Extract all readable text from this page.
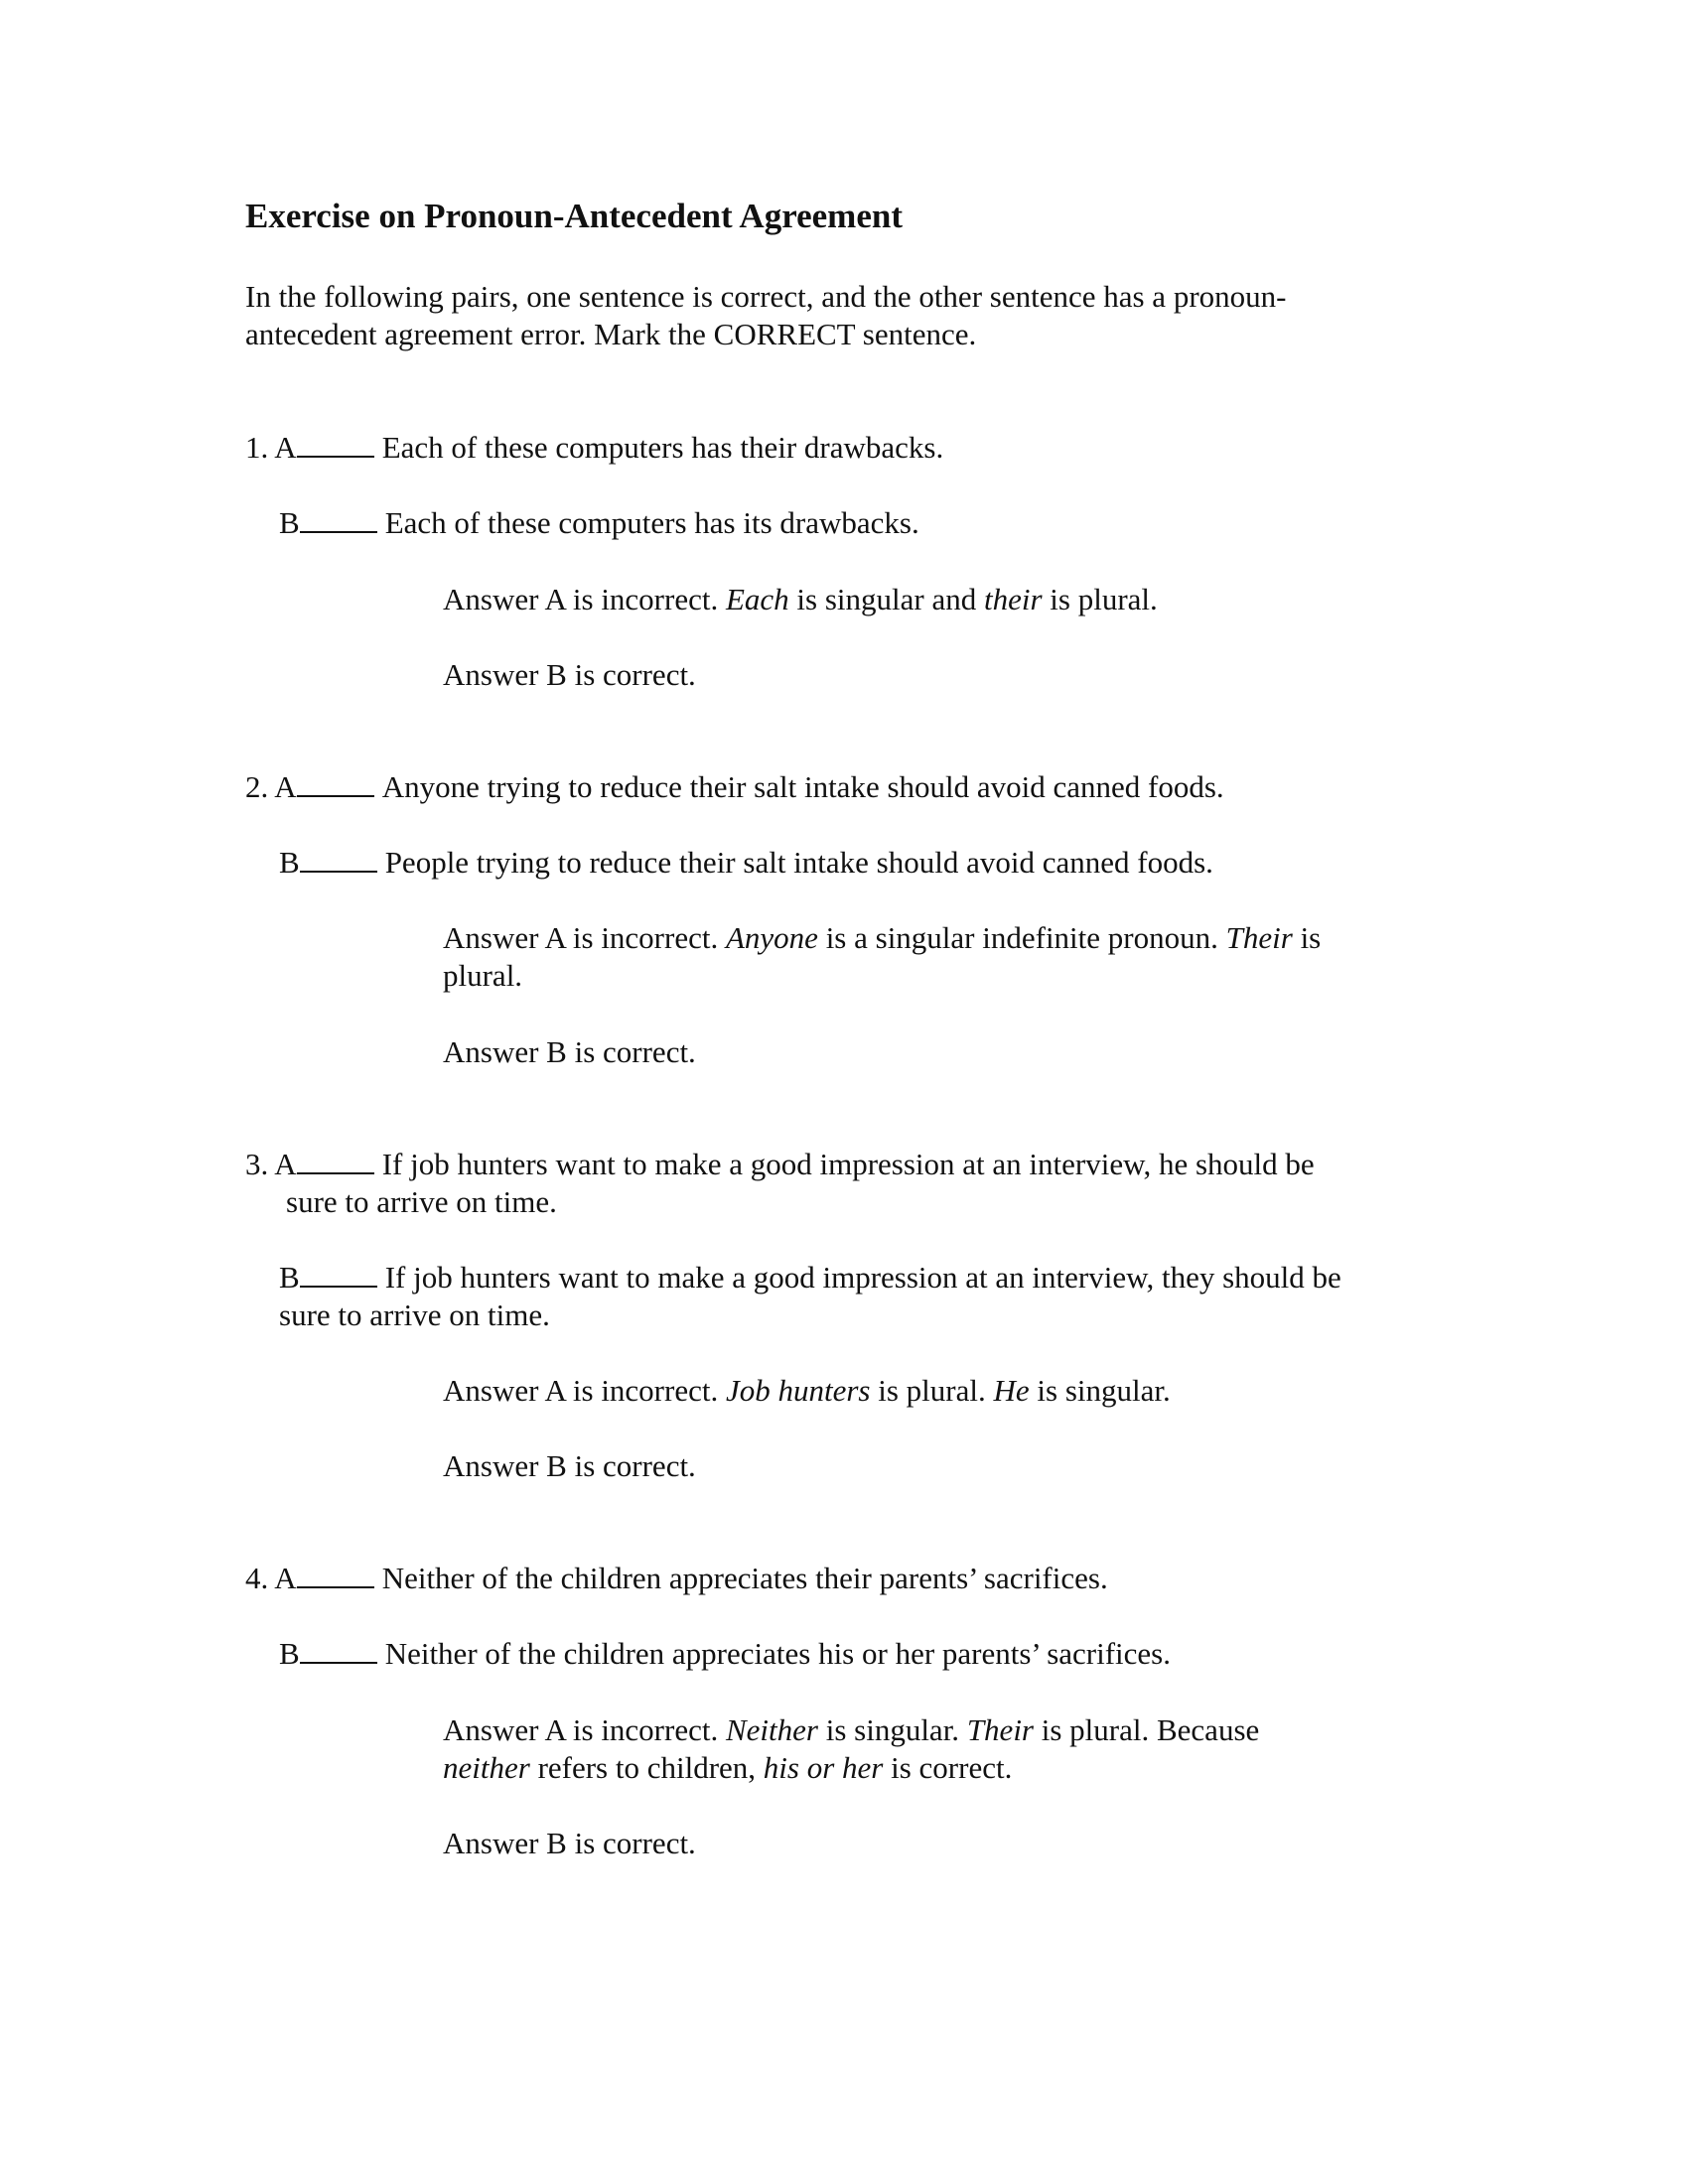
Exercise on Pronoun-Antecedent Agreement
In the following pairs, one sentence is correct, and the other sentence has a pronoun-
antecedent agreement error. Mark the CORRECT sentence.
1. A	Each of these computers has their drawbacks.
B	Each of these computers has its drawbacks.
Answer A is incorrect. Each is singular and their is plural.
Answer B is correct.
2. A	Anyone trying to reduce their salt intake should avoid canned foods.
B	People trying to reduce their salt intake should avoid canned foods.
Answer A is incorrect. Anyone is a singular indefinite pronoun. Their is
plural.
Answer B is correct.
3. A	If job hunters want to make a good impression at an interview, he should be
sure to arrive on time.
B	If job hunters want to make a good impression at an interview, they should be
sure to arrive on time.
Answer A is incorrect. Job hunters is plural. He is singular.
Answer B is correct.
4. A	Neither of the children appreciates their parents’ sacrifices.
B	Neither of the children appreciates his or her parents’ sacrifices.
Answer A is incorrect. Neither is singular. Their is plural. Because
neither refers to children, his or her is correct.
Answer B is correct.
